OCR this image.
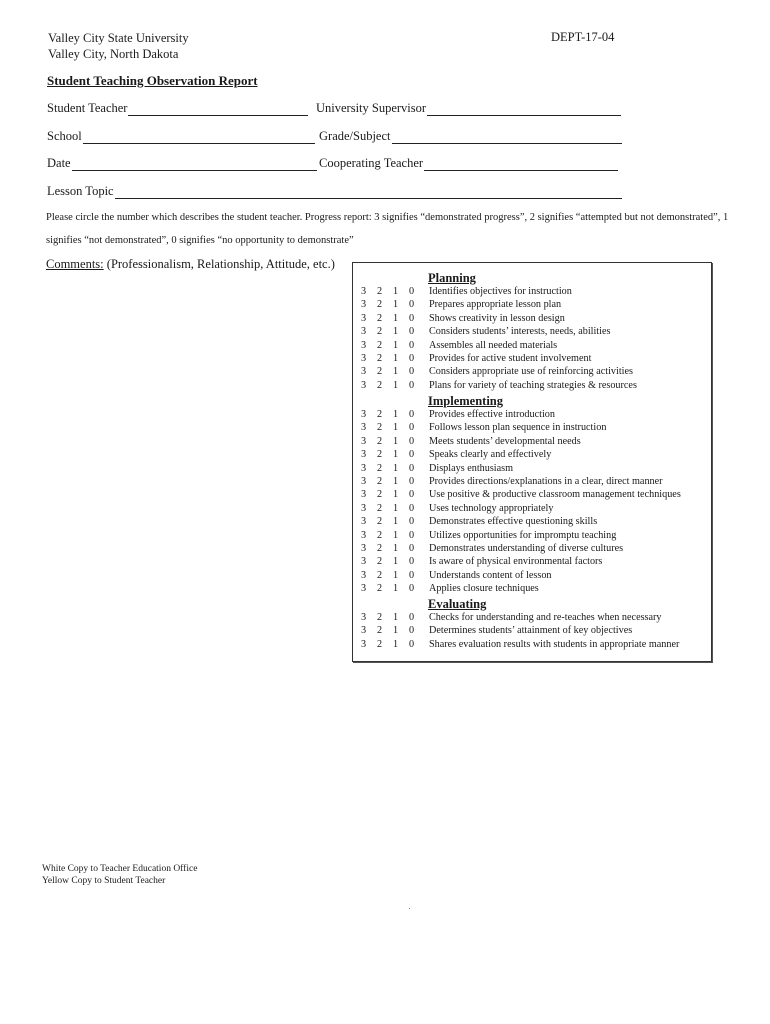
Valley City State University
Valley City, North Dakota
DEPT-17-04
Student Teaching Observation Report
Student Teacher	University Supervisor
School	Grade/Subject
Date	Cooperating Teacher
Lesson Topic
Please circle the number which describes the student teacher. Progress report: 3 signifies “demonstrated progress”, 2 signifies “attempted but not demonstrated”, 1 signifies “not demonstrated”, 0 signifies “no opportunity to demonstrate”
Comments: (Professionalism, Relationship, Attitude, etc.)
Planning
3 2 1 0 Identifies objectives for instruction
3 2 1 0 Prepares appropriate lesson plan
3 2 1 0 Shows creativity in lesson design
3 2 1 0 Considers students’ interests, needs, abilities
3 2 1 0 Assembles all needed materials
3 2 1 0 Provides for active student involvement
3 2 1 0 Considers appropriate use of reinforcing activities
3 2 1 0 Plans for variety of teaching strategies & resources
Implementing
3 2 1 0 Provides effective introduction
3 2 1 0 Follows lesson plan sequence in instruction
3 2 1 0 Meets students’ developmental needs
3 2 1 0 Speaks clearly and effectively
3 2 1 0 Displays enthusiasm
3 2 1 0 Provides directions/explanations in a clear, direct manner
3 2 1 0 Use positive & productive classroom management techniques
3 2 1 0 Uses technology appropriately
3 2 1 0 Demonstrates effective questioning skills
3 2 1 0 Utilizes opportunities for impromptu teaching
3 2 1 0 Demonstrates understanding of diverse cultures
3 2 1 0 Is aware of physical environmental factors
3 2 1 0 Understands content of lesson
3 2 1 0 Applies closure techniques
Evaluating
3 2 1 0 Checks for understanding and re-teaches when necessary
3 2 1 0 Determines students’ attainment of key objectives
3 2 1 0 Shares evaluation results with students in appropriate manner
White Copy to Teacher Education Office
Yellow Copy to Student Teacher
